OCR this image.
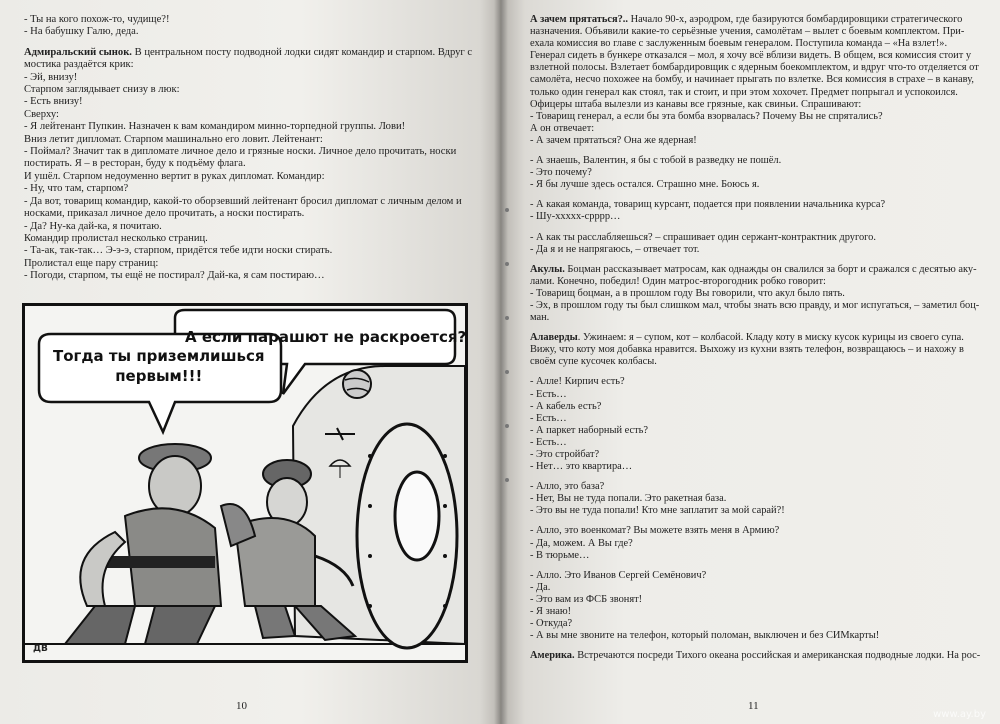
- Ты на кого похож-то, чудище?!

- На бабушку Галю, деда.

Адмиральский сынок. В центральном посту подводной лодки сидят командир и старпом. Вдруг с

мостика раздаётся крик:

- Эй, внизу!

Старпом заглядывает снизу в люк:

- Есть внизу!

Сверху:

- Я лейтенант Пупкин. Назначен к вам командиром минно-торпедной группы. Лови!

Вниз летит дипломат. Старпом машинально его ловит. Лейтенант:

- Поймал? Значит так в дипломате личное дело и грязные носки. Личное дело прочитать, носки

постирать. Я – в ресторан, буду к подъёму флага.

И ушёл. Старпом недоуменно вертит в руках дипломат. Командир:

- Ну, что там, старпом?

- Да вот, товарищ командир, какой-то оборзевший лейтенант бросил дипломат с личным делом и

носками, приказал личное дело прочитать, а носки постирать.

- Да? Ну-ка дай-ка, я почитаю.

Командир пролистал несколько страниц.

- Та-ак, так-так… Э-э-э, старпом, придётся тебе идти носки стирать.

Пролистал еще пару страниц:

- Погоди, старпом, ты ещё не постирал? Дай-ка, я сам постираю…

А если парашют не раскроется?
Тогда ты приземлишься
первым!!!
ДВ
10

А зачем прятаться?.. Начало 90-х, аэродром, где базируются бомбардировщики стратегического

назначения. Объявили какие-то серьёзные учения, самолётам – вылет с боевым комплектом. При-

ехала комиссия во главе с заслуженным боевым генералом. Поступила команда – «На взлет!».

Генерал сидеть в бункере отказался – мол, я хочу всё вблизи видеть. В общем, вся комиссия стоит у

взлетной полосы. Взлетает бомбардировщик с ядерным боекомплектом, и вдруг что-то отделяется от

самолёта, несчо похожее на бомбу, и начинает прыгать по взлетке. Вся комиссия в страхе – в канаву,

только один генерал как стоял, так и стоит, и при этом хохочет. Предмет попрыгал и успокоился.

Офицеры штаба вылезли из канавы все грязные, как свиньи. Спрашивают:

- Товарищ генерал, а если бы эта бомба взорвалась? Почему Вы не спрятались?

А он отвечает:

- А зачем прятаться? Она же ядерная!

- А знаешь, Валентин, я бы с тобой в разведку не пошёл.

- Это почему?

- Я бы лучше здесь остался. Страшно мне. Боюсь я.

- А какая команда, товарищ курсант, подается при появлении начальника курса?

- Шу-ххххх-срррр…

- А как ты расслабляешься? – спрашивает один сержант-контрактник другого.

- Да я и не напрягаюсь, – отвечает тот.

Акулы. Боцман рассказывает матросам, как однажды он свалился за борт и сражался с десятью аку-

лами. Конечно, победил! Один матрос-второгодник робко говорит:

- Товарищ боцман, а в прошлом году Вы говорили, что акул было пять.

- Эх, в прошлом году ты был слишком мал, чтобы знать всю правду, и мог испугаться, – заметил боц-

ман.

Алаверды. Ужинаем: я – супом, кот – колбасой. Кладу коту в миску кусок курицы из своего супа.

Вижу, что коту моя добавка нравится. Выхожу из кухни взять телефон, возвращаюсь – и нахожу в

своём супе кусочек колбасы.

- Алле! Кирпич есть?

- Есть…

- А кабель есть?

- Есть…

- А паркет наборный есть?

- Есть…

- Это стройбат?

- Нет… это квартира…

- Алло, это база?

- Нет, Вы не туда попали. Это ракетная база.

- Это вы не туда попали! Кто мне заплатит за мой сарай?!

- Алло, это военкомат? Вы можете взять меня в Армию?

- Да, можем. А Вы где?

- В тюрьме…

- Алло. Это Иванов Сергей Семёнович?

- Да.

- Это вам из ФСБ звонят!

- Я знаю!

- Откуда?

- А вы мне звоните на телефон, который поломан, выключен и без СИМкарты!

Америка. Встречаются посреди Тихого океана российская и американская подводные лодки. На рос-

11
www.ay.by
